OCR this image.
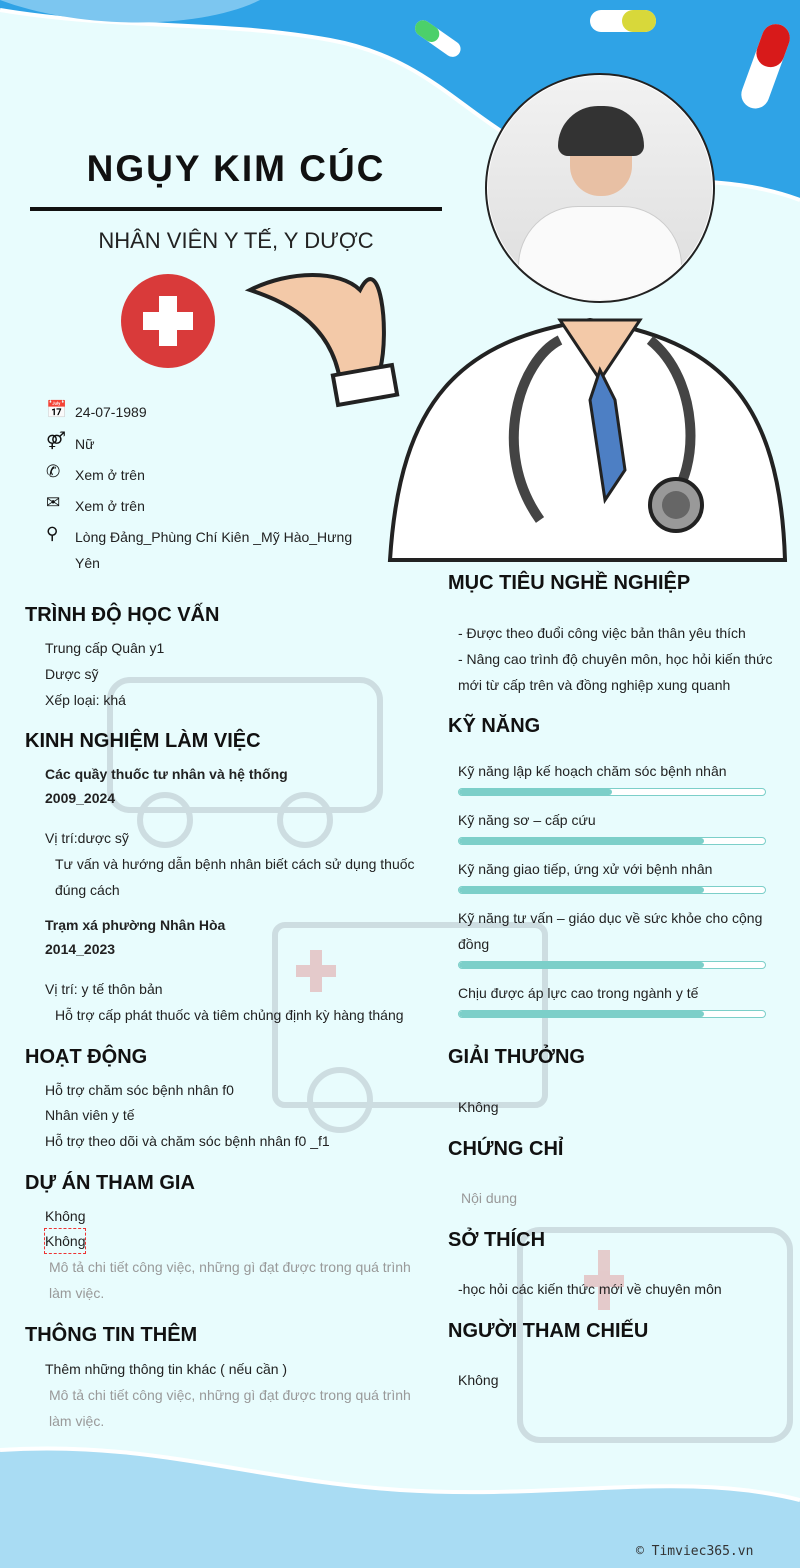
NGỤY KIM CÚC
NHÂN VIÊN Y TẾ, Y DƯỢC
📅 24-07-1989
⚤ Nữ
✆	Xem ở trên
✉	Xem ở trên
⚲	Lòng Đảng_Phùng Chí Kiên _Mỹ Hào_Hưng Yên
TRÌNH ĐỘ HỌC VẤN
Trung cấp Quân y1
Dược sỹ
Xếp loại: khá
KINH NGHIỆM LÀM VIỆC
Các quầy thuốc tư nhân và hệ thống
2009_2024
Vị trí:dược sỹ
Tư vấn và hướng dẫn bệnh nhân biết cách sử dụng thuốc đúng cách
Trạm xá phường Nhân Hòa
2014_2023
Vị trí: y tế thôn bản
Hỗ trợ cấp phát thuốc và tiêm chủng định kỳ hàng tháng
HOẠT ĐỘNG
Hỗ trợ chăm sóc bệnh nhân f0
Nhân viên y tế
Hỗ trợ theo dõi và chăm sóc bệnh nhân f0 _f1
DỰ ÁN THAM GIA
Không
Không
Mô tả chi tiết công việc, những gì đạt được trong quá trình làm việc.
THÔNG TIN THÊM
Thêm những thông tin khác ( nếu cần )
Mô tả chi tiết công việc, những gì đạt được trong quá trình làm việc.
MỤC TIÊU NGHỀ NGHIỆP
- Được theo đuổi công việc bản thân yêu thích
- Nâng cao trình độ chuyên môn, học hỏi kiến thức mới từ cấp trên và đồng nghiệp xung quanh
KỸ NĂNG
Kỹ năng lập kế hoạch chăm sóc bệnh nhân
Kỹ năng sơ – cấp cứu
Kỹ năng giao tiếp, ứng xử với bệnh nhân
Kỹ năng tư vấn – giáo dục về sức khỏe cho cộng đồng
Chịu được áp lực cao trong ngành y tế
GIẢI THƯỞNG
Không
CHỨNG CHỈ
Nội dung
SỞ THÍCH
-học hỏi các kiến thức mới về chuyên môn
NGƯỜI THAM CHIẾU
Không
© Timviec365.vn
